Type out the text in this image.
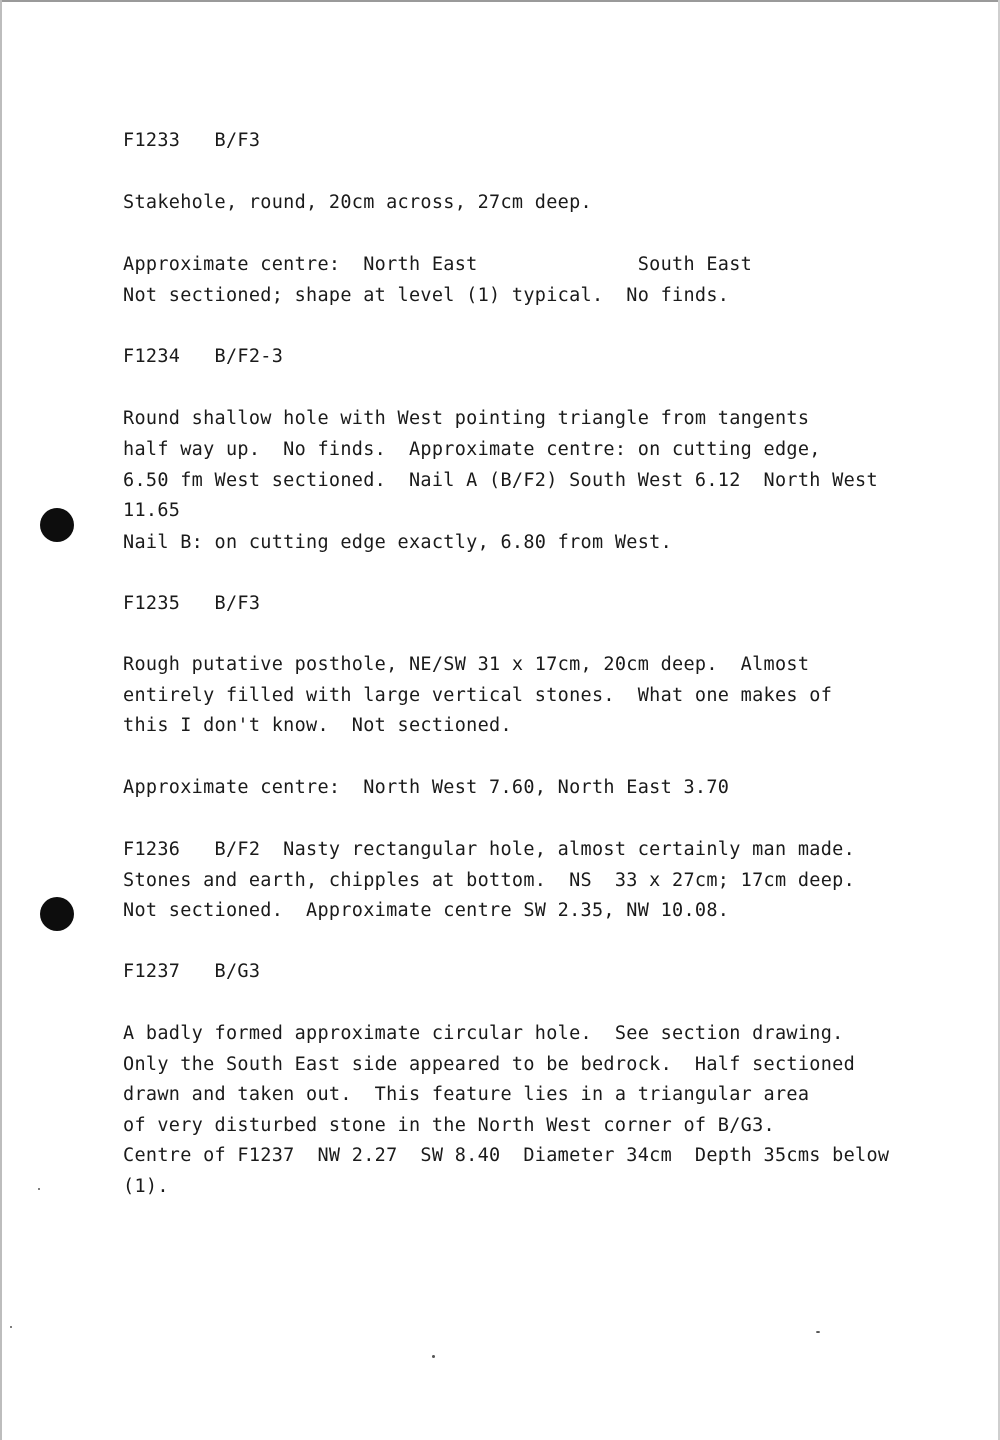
F1233   B/F3
Stakehole, round, 20cm across, 27cm deep.
Approximate centre:  North East              South East
Not sectioned; shape at level (1) typical.  No finds.
F1234   B/F2-3
Round shallow hole with West pointing triangle from tangents
half way up.  No finds.  Approximate centre: on cutting edge,
6.50 fm West sectioned.  Nail A (B/F2) South West 6.12  North West
11.65
Nail B: on cutting edge exactly, 6.80 from West.
F1235   B/F3
Rough putative posthole, NE/SW 31 x 17cm, 20cm deep.  Almost
entirely filled with large vertical stones.  What one makes of
this I don't know.  Not sectioned.
Approximate centre:  North West 7.60, North East 3.70
F1236   B/F2  Nasty rectangular hole, almost certainly man made.
Stones and earth, chipples at bottom.  NS  33 x 27cm; 17cm deep.
Not sectioned.  Approximate centre SW 2.35, NW 10.08.
F1237   B/G3
A badly formed approximate circular hole.  See section drawing.
Only the South East side appeared to be bedrock.  Half sectioned
drawn and taken out.  This feature lies in a triangular area
of very disturbed stone in the North West corner of B/G3.
Centre of F1237  NW 2.27  SW 8.40  Diameter 34cm  Depth 35cms below
(1).
